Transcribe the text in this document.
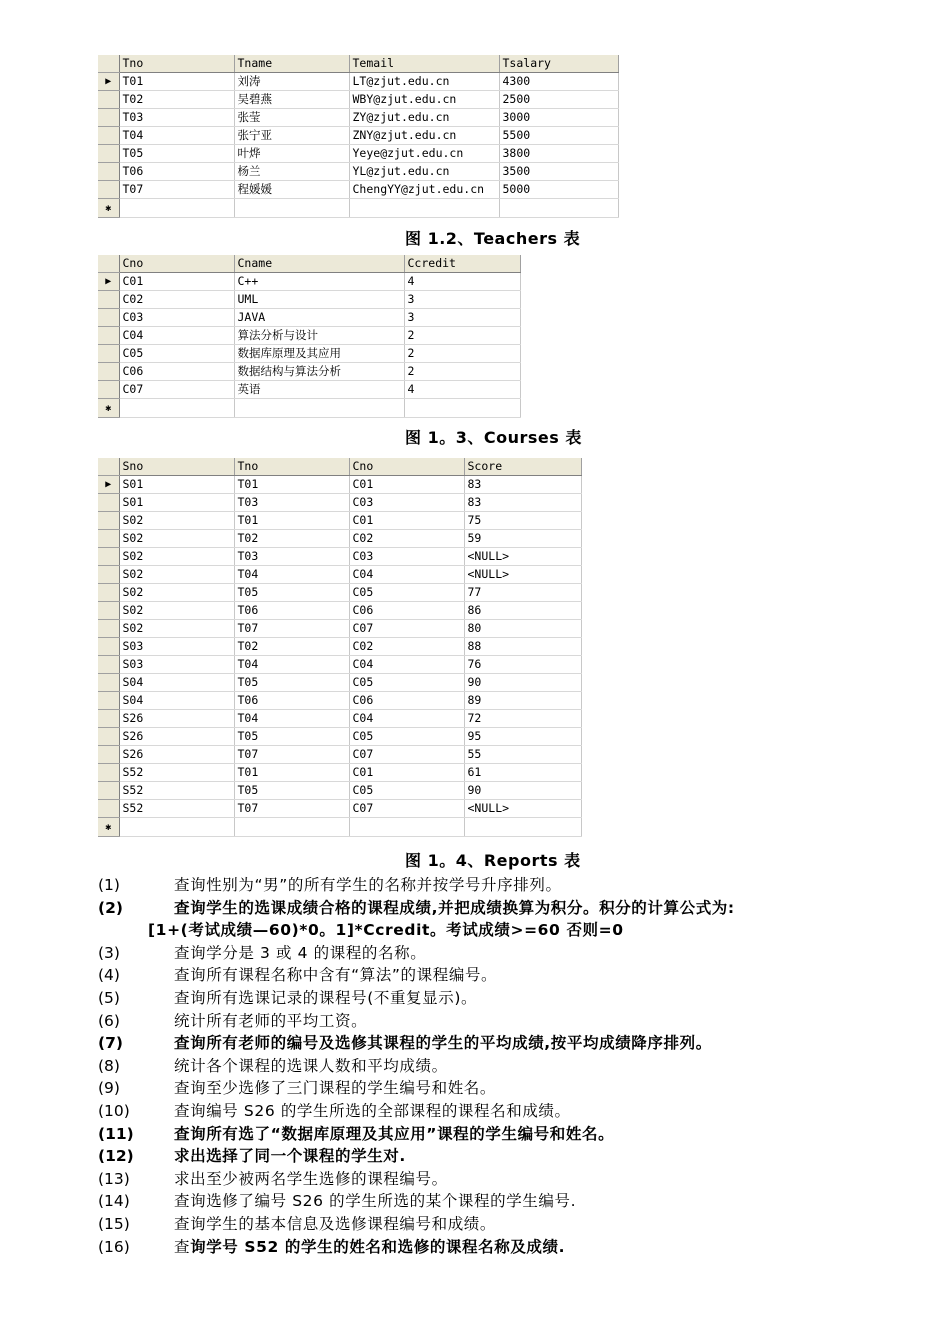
	Tno	Tname	Temail	Tsalary
▶	T01	刘涛	LT@zjut.edu.cn	4300
	T02	吴碧燕	WBY@zjut.edu.cn	2500
	T03	张莹	ZY@zjut.edu.cn	3000
	T04	张宁亚	ZNY@zjut.edu.cn	5500
	T05	叶烨	Yeye@zjut.edu.cn	3800
	T06	杨兰	YL@zjut.edu.cn	3500
	T07	程媛媛	ChengYY@zjut.edu.cn	5000
✱				
图 1.2、Teachers 表
	Cno	Cname	Ccredit
▶	C01	C++	4
	C02	UML	3
	C03	JAVA	3
	C04	算法分析与设计	2
	C05	数据库原理及其应用	2
	C06	数据结构与算法分析	2
	C07	英语	4
✱			
图 1。3、Courses 表
	Sno	Tno	Cno	Score
▶	S01	T01	C01	83
	S01	T03	C03	83
	S02	T01	C01	75
	S02	T02	C02	59
	S02	T03	C03	<NULL>
	S02	T04	C04	<NULL>
	S02	T05	C05	77
	S02	T06	C06	86
	S02	T07	C07	80
	S03	T02	C02	88
	S03	T04	C04	76
	S04	T05	C05	90
	S04	T06	C06	89
	S26	T04	C04	72
	S26	T05	C05	95
	S26	T07	C07	55
	S52	T01	C01	61
	S52	T05	C05	90
	S52	T07	C07	<NULL>
✱				
图 1。4、Reports 表
(1)	查询性别为“男”的所有学生的名称并按学号升序排列。
(2)	查询学生的选课成绩合格的课程成绩,并把成绩换算为积分。积分的计算公式为:
[1+(考试成绩—60)*0。1]*Ccredit。考试成绩>=60 否则=0
(3)	查询学分是 3 或 4 的课程的名称。
(4)	查询所有课程名称中含有“算法”的课程编号。
(5)	查询所有选课记录的课程号(不重复显示)。
(6)	统计所有老师的平均工资。
(7)	查询所有老师的编号及选修其课程的学生的平均成绩,按平均成绩降序排列。
(8)	统计各个课程的选课人数和平均成绩。
(9)	查询至少选修了三门课程的学生编号和姓名。
(10)	查询编号 S26 的学生所选的全部课程的课程名和成绩。
(11)	查询所有选了“数据库原理及其应用”课程的学生编号和姓名。
(12)	求出选择了同一个课程的学生对.
(13)	求出至少被两名学生选修的课程编号。
(14)	查询选修了编号 S26 的学生所选的某个课程的学生编号.
(15)	查询学生的基本信息及选修课程编号和成绩。
(16)	查询学号 S52 的学生的姓名和选修的课程名称及成绩.
